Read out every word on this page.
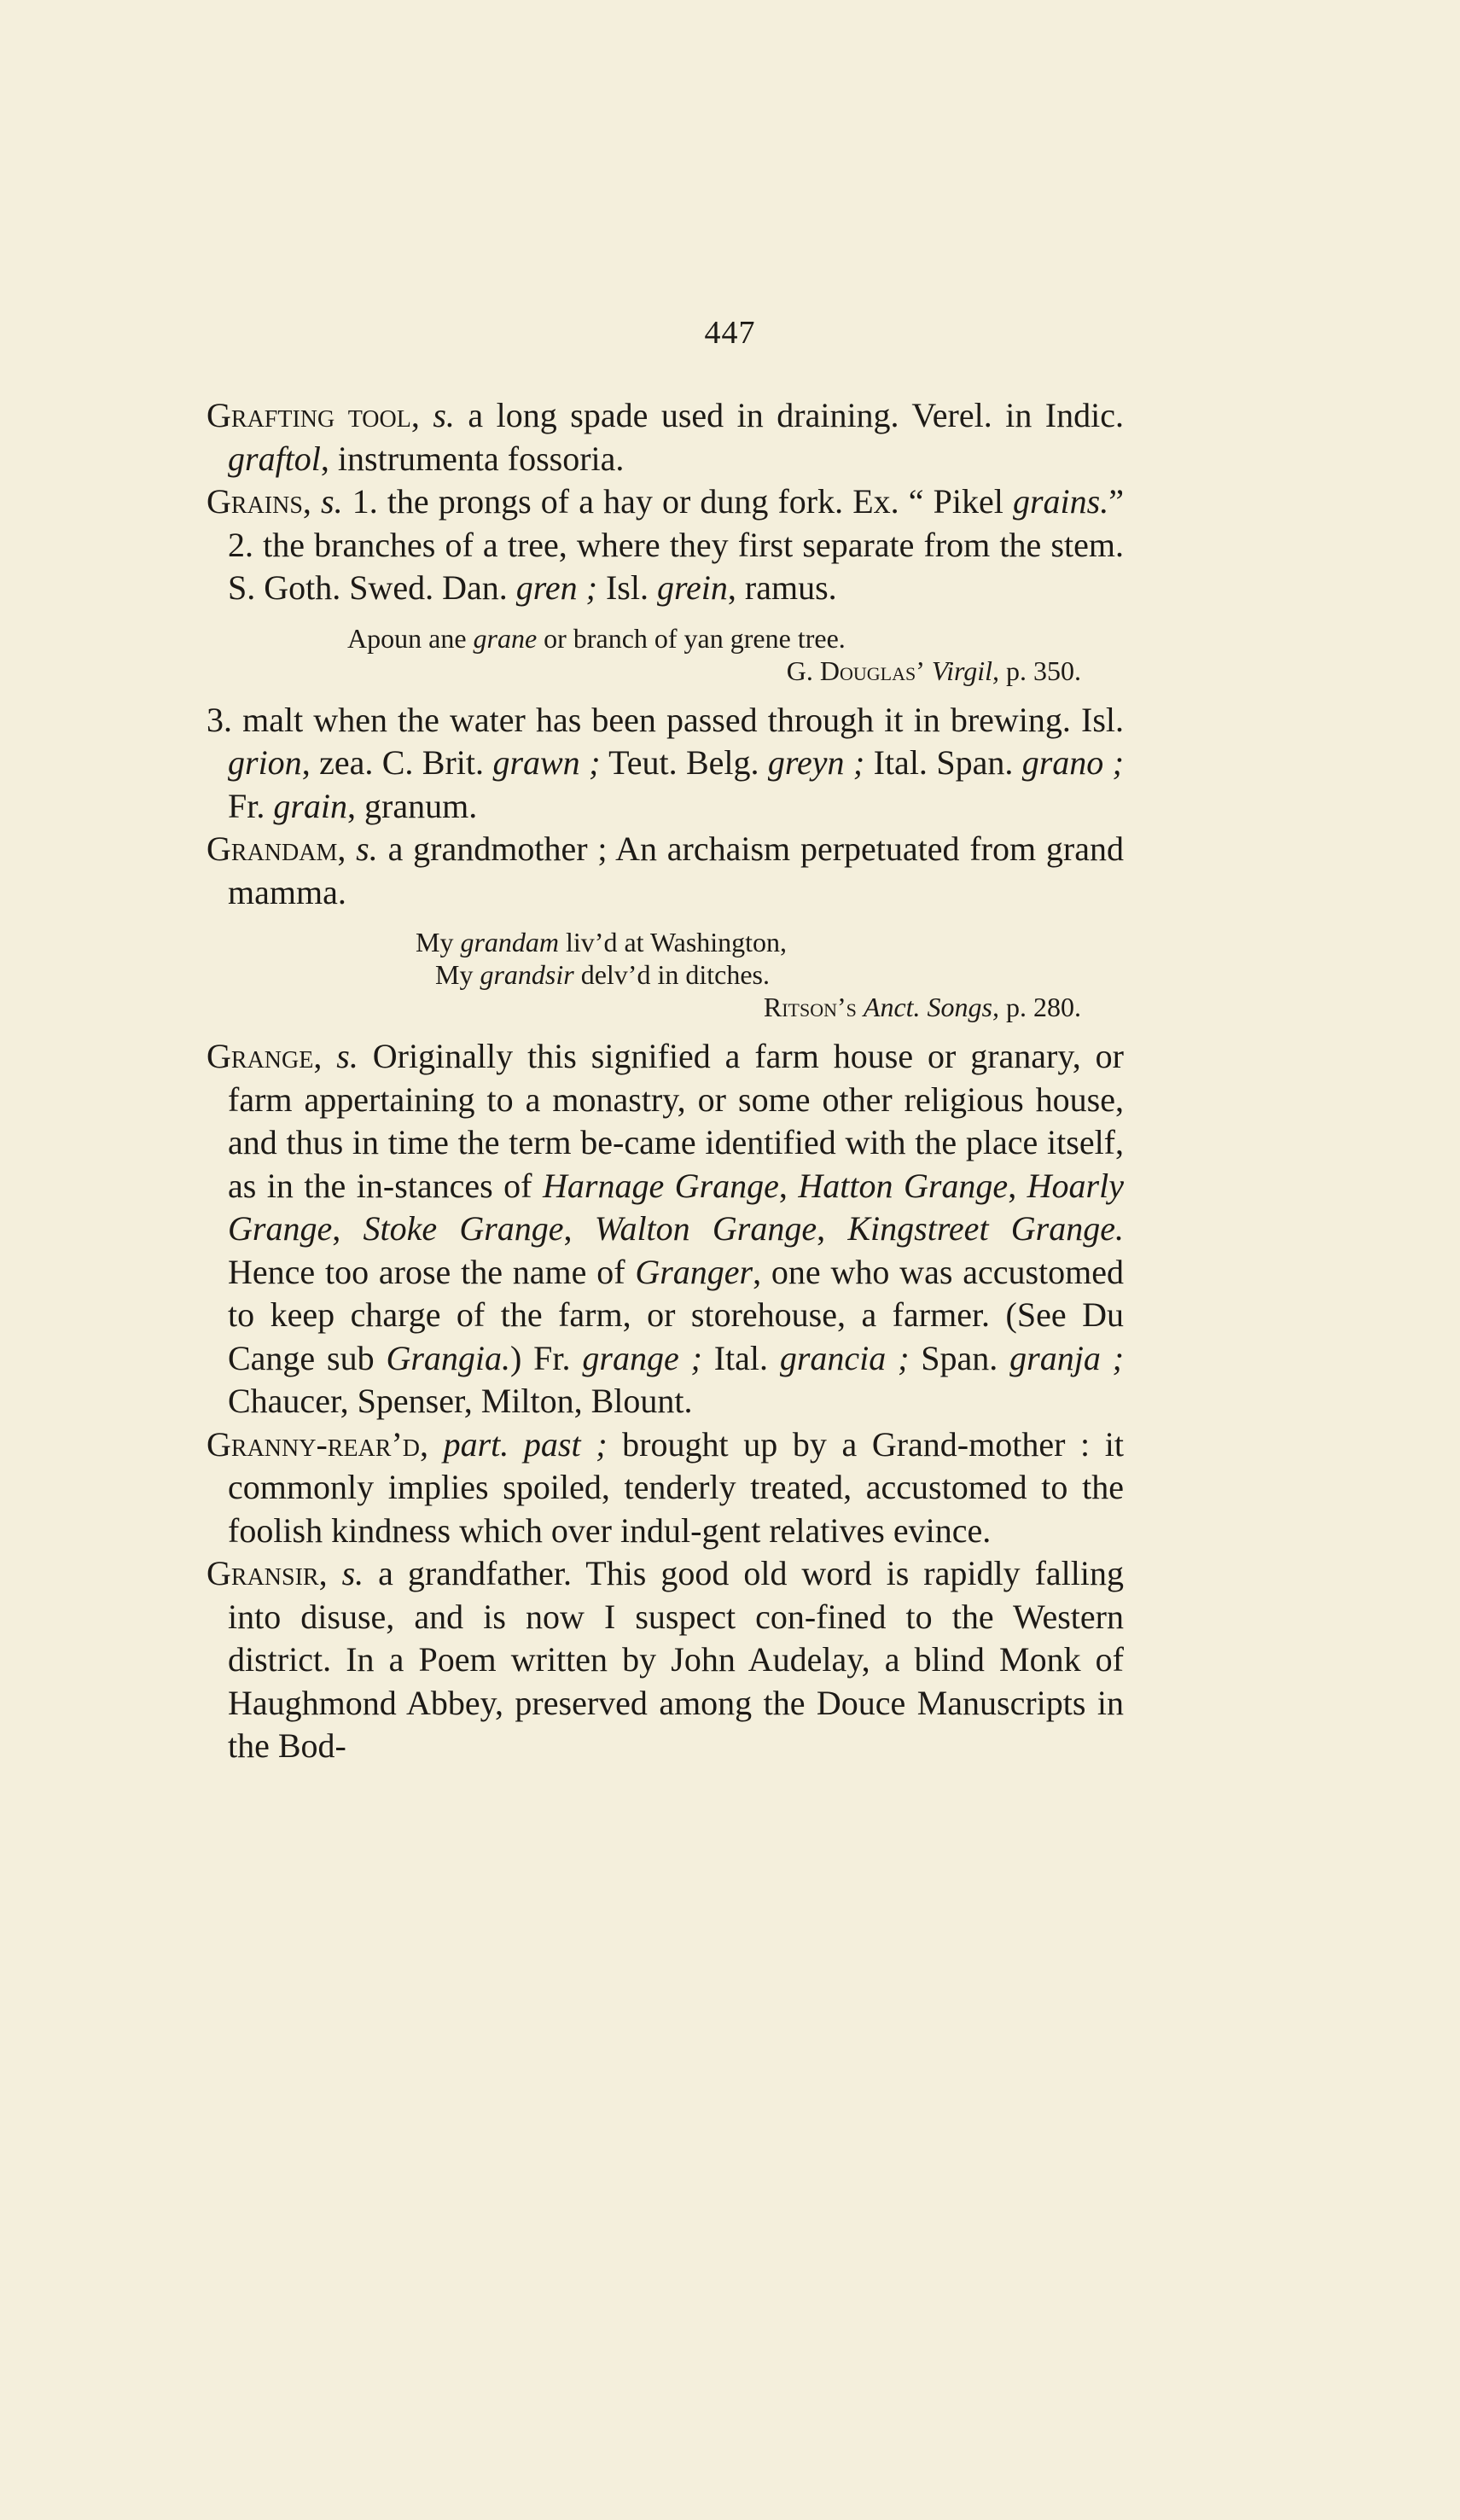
447

Grafting tool, s. a long spade used in draining. Verel. in Indic. graftol, instrumenta fossoria.

Grains, s. 1. the prongs of a hay or dung fork. Ex. “ Pikel grains.” 2. the branches of a tree, where they first separate from the stem. S. Goth. Swed. Dan. gren ; Isl. grein, ramus.

Apoun ane grane or branch of yan grene tree.
G. Douglas’ Virgil, p. 350.

3. malt when the water has been passed through it in brewing. Isl. grion, zea. C. Brit. grawn ; Teut. Belg. greyn ; Ital. Span. grano ; Fr. grain, granum.

Grandam, s. a grandmother ; An archaism perpetuated from grand mamma.

My grandam liv’d at Washington,
My grandsir delv’d in ditches.
Ritson’s Anct. Songs, p. 280.

Grange, s. Originally this signified a farm house or granary, or farm appertaining to a monastry, or some other religious house, and thus in time the term be-came identified with the place itself, as in the in-stances of Harnage Grange, Hatton Grange, Hoarly Grange, Stoke Grange, Walton Grange, Kingstreet Grange. Hence too arose the name of Granger, one who was accustomed to keep charge of the farm, or storehouse, a farmer. (See Du Cange sub Grangia.) Fr. grange ; Ital. grancia ; Span. granja ; Chaucer, Spenser, Milton, Blount.

Granny-rear’d, part. past ; brought up by a Grand-mother : it commonly implies spoiled, tenderly treated, accustomed to the foolish kindness which over indul-gent relatives evince.

Gransir, s. a grandfather. This good old word is rapidly falling into disuse, and is now I suspect con-fined to the Western district. In a Poem written by John Audelay, a blind Monk of Haughmond Abbey, preserved among the Douce Manuscripts in the Bod-
